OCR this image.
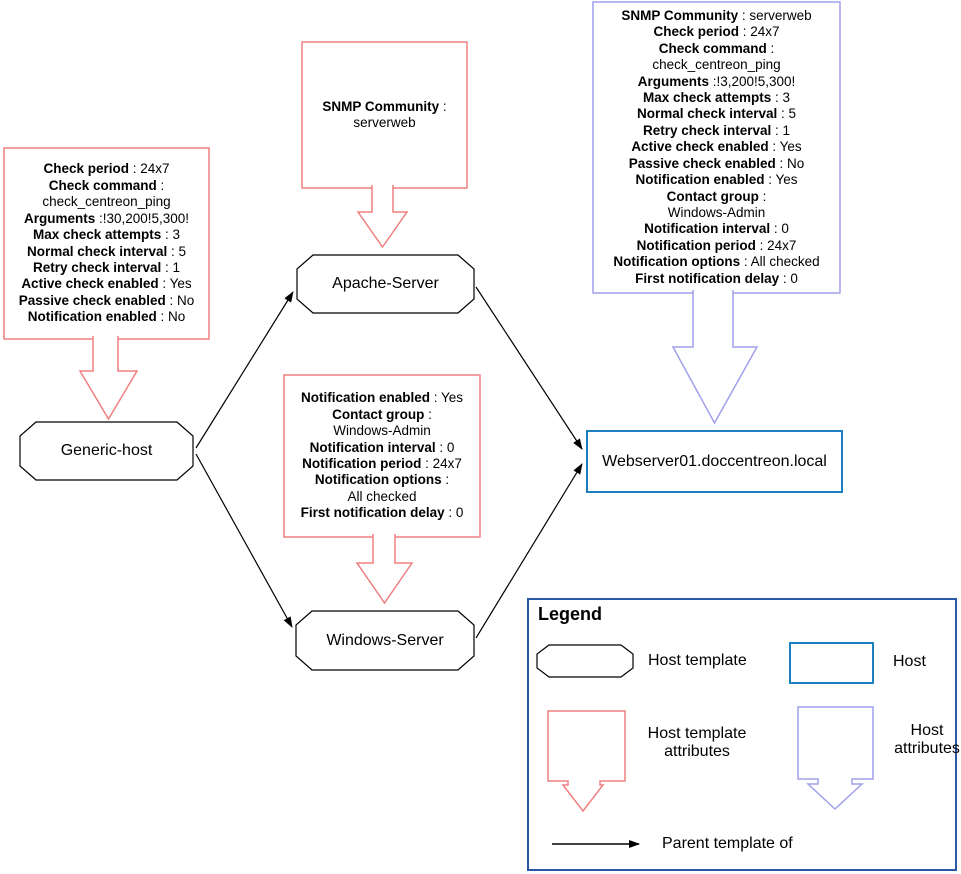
Check period : 24x7
Check command :
check_centreon_ping
Arguments :!30,200!5,300!
Max check attempts : 3
Normal check interval : 5
Retry check interval : 1
Active check enabled : Yes
Passive check enabled : No
Notification enabled : No
SNMP Community :
serverweb
Notification enabled : Yes
Contact group :
Windows-Admin
Notification interval : 0
Notification period : 24x7
Notification options :
All checked
First notification delay : 0
SNMP Community : serverweb
Check period : 24x7
Check command :
check_centreon_ping
Arguments :!3,200!5,300!
Max check attempts : 3
Normal check interval : 5
Retry check interval : 1
Active check enabled : Yes
Passive check enabled : No
Notification enabled : Yes
Contact group :
Windows-Admin
Notification interval : 0
Notification period : 24x7
Notification options : All checked
First notification delay : 0
Generic-host
Apache-Server
Windows-Server
Webserver01.doccentreon.local
Legend
Host template	Host
Host template attributes
Host attributes
Parent template of
